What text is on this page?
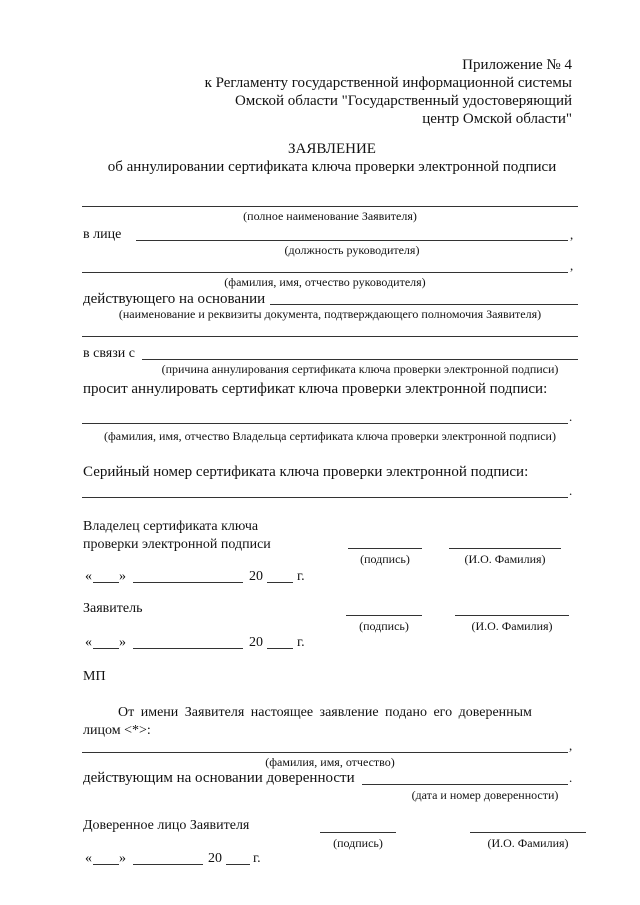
Приложение № 4
к Регламенту государственной информационной системы
Омской области "Государственный удостоверяющий
центр Омской области"
ЗАЯВЛЕНИЕ
об аннулировании сертификата ключа проверки электронной подписи
(полное наименование Заявителя)
в лице	,
(должность руководителя)
,
(фамилия, имя, отчество руководителя)
действующего на основании
(наименование и реквизиты документа, подтверждающего полномочия Заявителя)
в связи с
(причина аннулирования сертификата ключа проверки электронной подписи)
просит аннулировать сертификат ключа проверки электронной подписи:
.
(фамилия, имя, отчество Владельца сертификата ключа проверки электронной подписи)
Серийный номер сертификата ключа проверки электронной подписи:
.
Владелец сертификата ключа
проверки электронной подписи
(подпись)	(И.О. Фамилия)
« »	20 г.
Заявитель
(подпись)	(И.О. Фамилия)
« »	20 г.
МП
От имени Заявителя настоящее заявление подано его доверенным
лицом <*>:
,
(фамилия, имя, отчество)
действующим на основании доверенности	.
(дата и номер доверенности)
Доверенное лицо Заявителя
(подпись)	(И.О. Фамилия)
« »	20 г.
